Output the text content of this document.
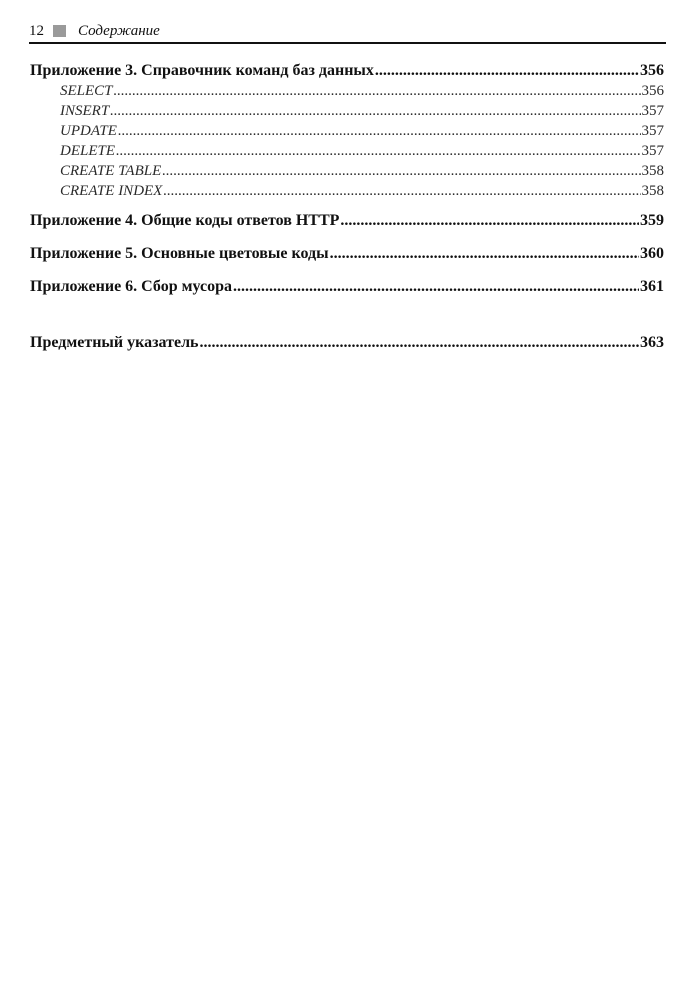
12 Содержание
Приложение 3. Справочник команд баз данных .....	356
SELECT .....	356
INSERT .....	357
UPDATE .....	357
DELETE .....	357
CREATE TABLE .....	358
CREATE INDEX .....	358
Приложение 4. Общие коды ответов HTTP .....	359
Приложение 5. Основные цветовые коды .....	360
Приложение 6. Сбор мусора .....	361
Предметный указатель .....	363
